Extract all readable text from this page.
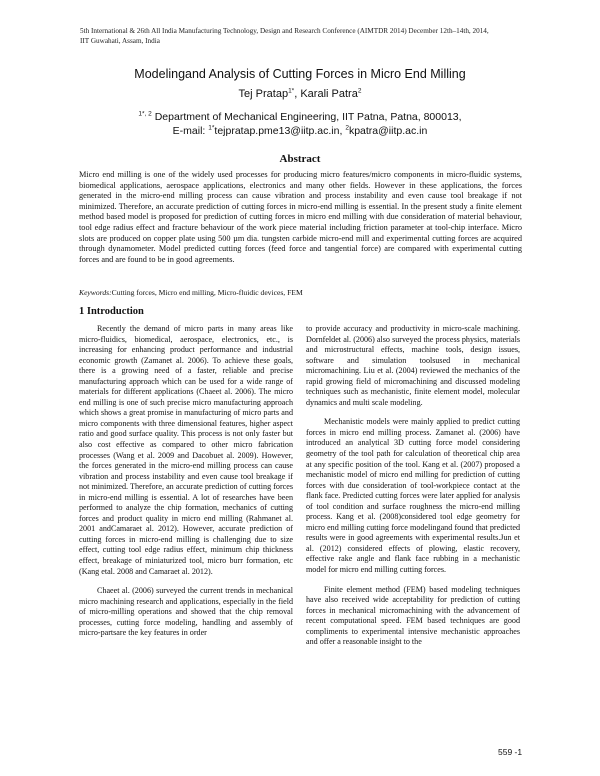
5th International & 26th All India Manufacturing Technology, Design and Research Conference (AIMTDR 2014) December 12th–14th, 2014,
IIT Guwahati, Assam, India
Modelingand Analysis of Cutting Forces in Micro End Milling
Tej Pratap$^{1*}$, Karali Patra$^2$
$^{1*, 2}$ Department of Mechanical Engineering, IIT Patna, Patna, 800013,
E-mail: $^{1*}$tejpratap.pme13@iitp.ac.in, $^2$kpatra@iitp.ac.in
Abstract

Micro end milling is one of the widely used processes for producing micro features/micro components in micro-fluidic systems, biomedical applications, aerospace applications, electronics and many other fields. However in these applications, the forces generated in the micro-end milling process can cause vibration and process instability and even cause tool breakage if not minimized. Therefore, an accurate prediction of cutting forces in micro-end milling is essential. In the present study a finite element method based model is proposed for prediction of cutting forces in micro end milling with due consideration of material behaviour, tool edge radius effect and fracture behaviour of the work piece material including friction parameter at tool-chip interface. Micro slots are produced on copper plate using 500 µm dia. tungsten carbide micro-end mill and experimental cutting forces are acquired through dynamometer. Model predicted cutting forces (feed force and tangential force) are compared with experimental cutting forces and are found to be in good agreements.

Keywords:Cutting forces, Micro end milling, Micro-fluidic devices, FEM
1 Introduction

Recently the demand of micro parts in many areas like micro-fluidics, biomedical, aerospace, electronics, etc., is increasing for enhancing product performance and industrial economic growth (Zamanet al. 2006). To achieve these goals, there is a growing need of a faster, reliable and precise manufacturing approach which can be used for a wide range of materials for different applications (Chaeet al. 2006). The micro end milling is one of such precise micro manufacturing approach which shows a great promise in manufacturing of micro parts and micro components with three dimensional features, higher aspect ratio and good surface quality. This process is not only faster but also cost effective as compared to other micro fabrication processes (Wang et al. 2009 and Dacobuet al. 2009). However, the forces generated in the micro-end milling process can cause vibration and process instability and even cause tool breakage if not minimized. Therefore, an accurate prediction of cutting forces in micro-end milling is essential. A lot of researches have been performed to analyze the chip formation, mechanics of cutting forces and product quality in micro end milling (Rahmanet al. 2001 andCamaraet al. 2012). However, accurate prediction of cutting forces in micro-end milling is challenging due to size effect, cutting tool edge radius effect, minimum chip thickness effect, breakage of miniaturized tool, micro burr formation, etc (Kang etal. 2008 and Camaraet al. 2012).

Chaeet al. (2006) surveyed the current trends in mechanical micro machining research and applications, especially in the field of micro-milling operations and showed that the chip removal processes, cutting force modeling, handling and assembly of micro-partsare the key features in order

to provide accuracy and productivity in micro-scale machining. Dornfeldet al. (2006) also surveyed the process physics, materials and microstructural effects, machine tools, design issues, software and simulation toolsused in mechanical micromachining. Liu et al. (2004) reviewed the mechanics of the rapid growing field of micromachining and discussed modeling techniques such as mechanistic, finite element model, molecular dynamics and multi scale modeling.

Mechanistic models were mainly applied to predict cutting forces in micro end milling process. Zamanet al. (2006) have introduced an analytical 3D cutting force model considering geometry of the tool path for calculation of theoretical chip area at any specific position of the tool. Kang et al. (2007) proposed a mechanistic model of micro end milling for prediction of cutting forces with due consideration of tool-workpiece contact at the flank face. Predicted cutting forces were later applied for analysis of tool condition and surface roughness the micro-end milling process. Kang et al. (2008)considered tool edge geometry for micro end milling cutting force modelingand found that predicted results were in good agreements with experimental results.Jun et al. (2012) considered effects of plowing, elastic recovery, effective rake angle and flank face rubbing in a mechanistic model for micro end milling cutting forces.

Finite element method (FEM) based modeling techniques have also received wide acceptability for prediction of cutting forces in mechanical micromachining with the advancement of recent computational speed. FEM based techniques are good compliments to experimental intensive mechanistic approaches and offer a reasonable insight to the

559 -1
